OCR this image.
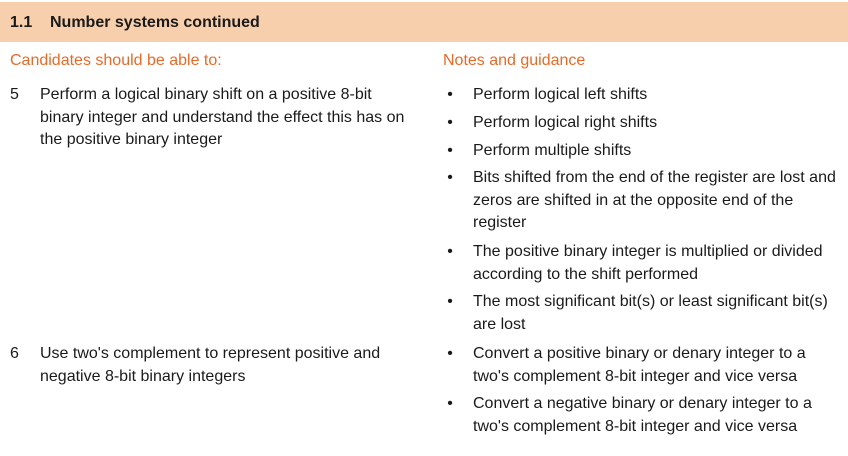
1.1 Number systems continued
Candidates should be able to:	Notes and guidance
5 Perform a logical binary shift on a positive 8-bit binary integer and understand the effect this has on the positive binary integer
• Perform logical left shifts
• Perform logical right shifts
• Perform multiple shifts
• Bits shifted from the end of the register are lost and zeros are shifted in at the opposite end of the register
• The positive binary integer is multiplied or divided according to the shift performed
• The most significant bit(s) or least significant bit(s) are lost
• Convert a positive binary or denary integer to a two's complement 8-bit integer and vice versa
• Convert a negative binary or denary integer to a two's complement 8-bit integer and vice versa
6 Use two's complement to represent positive and negative 8-bit binary integers
